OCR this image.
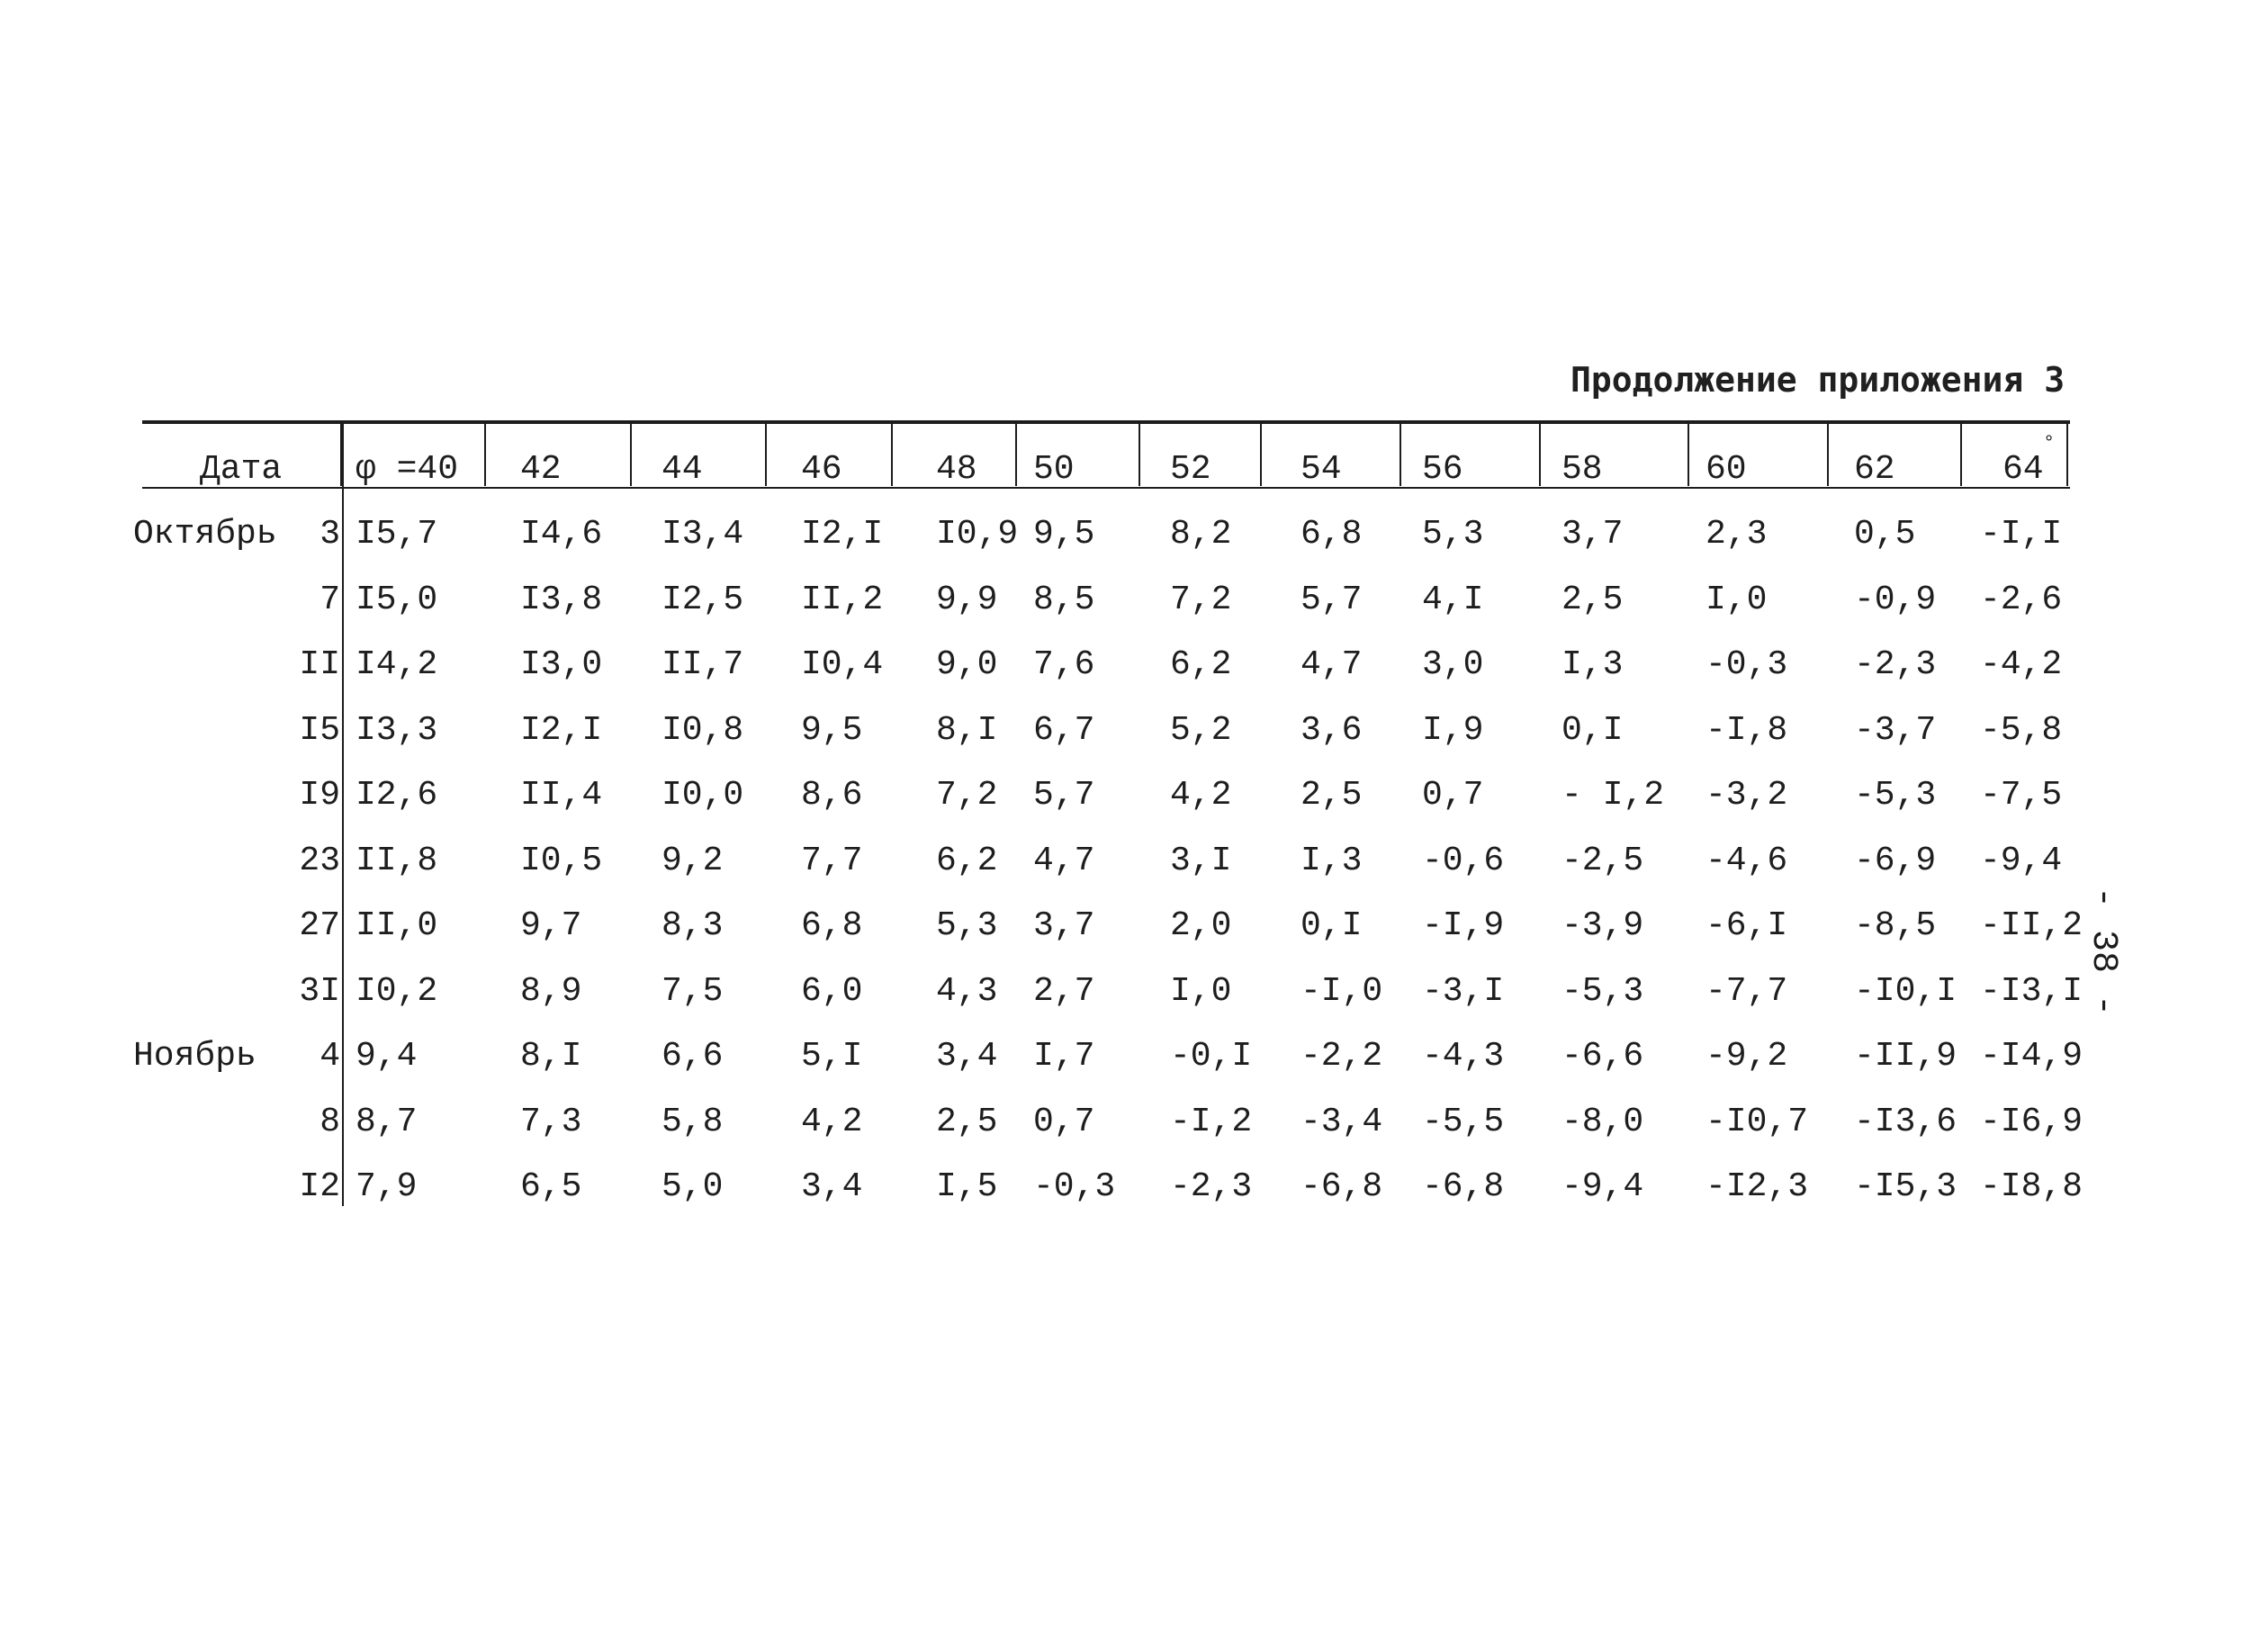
Продолжение приложения 3
Дата φ =40 42	44	46	48 50	52	54 56	58	60	62	64
°
Октябрь 3 I5,7 I4,6 I3,4 I2,I I0,9 9,5 8,2 6,8 5,3 3,7 2,3	0,5 -I,I
7 I5,0 I3,8 I2,5 II,2 9,9 8,5 7,2 5,7 4,I 2,5 I,0	-0,9 -2,6
II I4,2 I3,0 II,7 I0,4 9,0 7,6 6,2 4,7 3,0 I,3 -0,3 -2,3 -4,2
I5 I3,3 I2,I I0,8 9,5 8,I 6,7 5,2 3,6 I,9 0,I -I,8 -3,7 -5,8
I9 I2,6 II,4 I0,0 8,6 7,2 5,7 4,2 2,5 0,7 - I,2 -3,2 -5,3 -7,5
23 II,8 I0,5 9,2 7,7 6,2 4,7 3,I I,3 -0,6 -2,5 -4,6 -6,9 -9,4
27 II,0 9,7 8,3 6,8 5,3 3,7 2,0 0,I -I,9 -3,9 -6,I -8,5 -II,2
3I I0,2 8,9 7,5 6,0 4,3 2,7 I,0 -I,0 -3,I -5,3 -7,7 -I0,I -I3,I
Ноябрь 4 9,4	8,I 6,6 5,I 3,4 I,7 -0,I -2,2 -4,3 -6,6 -9,2 -II,9 -I4,9
8 8,7	7,3 5,8 4,2 2,5 0,7 -I,2 -3,4 -5,5 -8,0 -I0,7 -I3,6 -I6,9
I2 7,9	6,5 5,0 3,4 I,5 -0,3 -2,3 -6,8 -6,8 -9,4 -I2,3 -I5,3 -I8,8
- 38 -
